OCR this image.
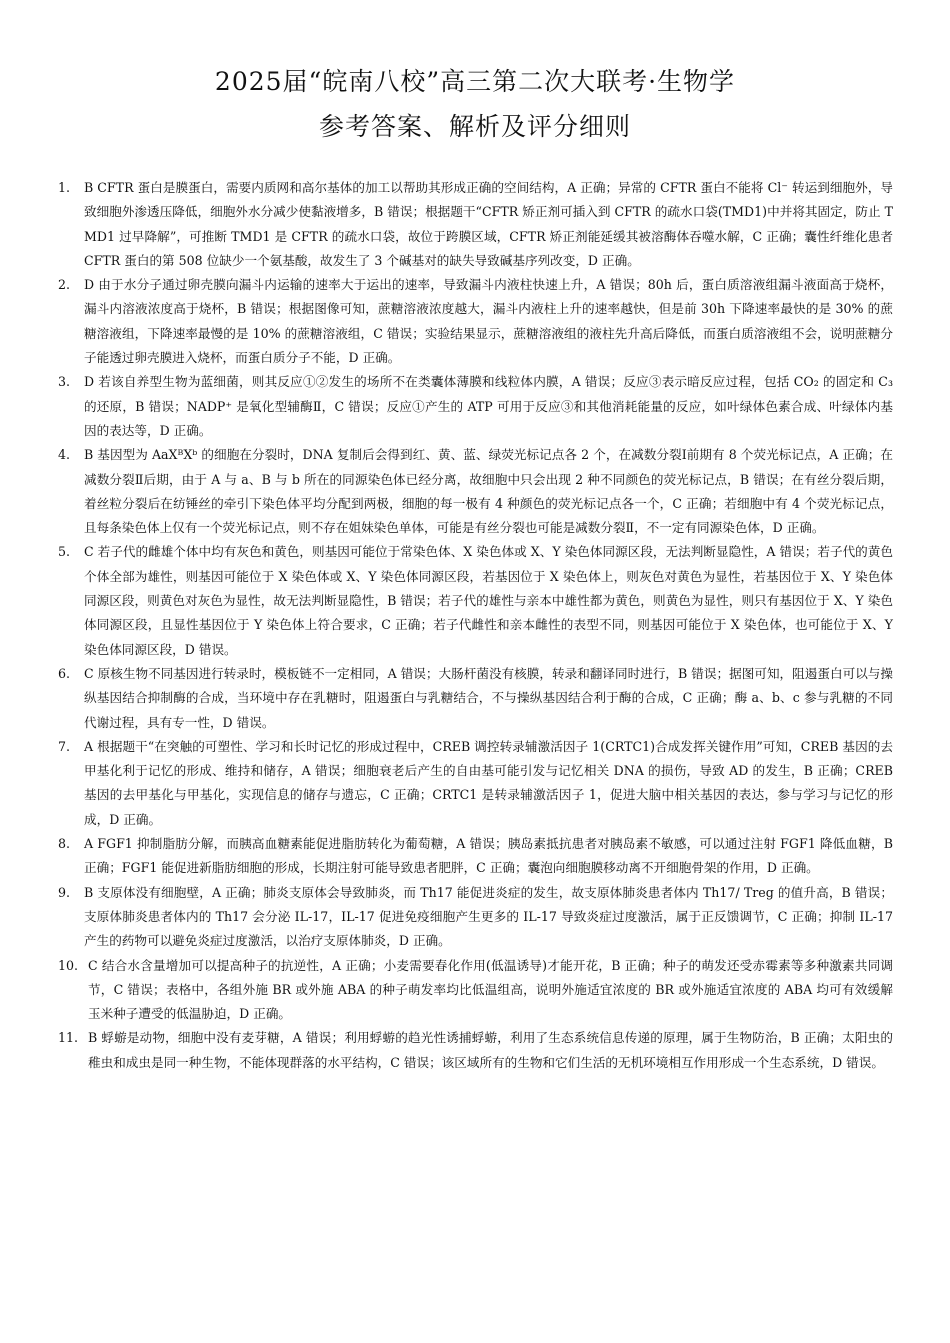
2025届“皖南八校”高三第二次大联考·生物学
参考答案、解析及评分细则
1.	B CFTR 蛋白是膜蛋白，需要内质网和高尔基体的加工以帮助其形成正确的空间结构，A 正确；异常的 CFTR 蛋白不能将 Cl⁻ 转运到细胞外，导致细胞外渗透压降低，细胞外水分减少使黏液增多，B 错误；根据题干“CFTR 矫正剂可插入到 CFTR 的疏水口袋(TMD1)中并将其固定，防止 TMD1 过早降解”，可推断 TMD1 是 CFTR 的疏水口袋，故位于跨膜区域，CFTR 矫正剂能延缓其被溶酶体吞噬水解，C 正确；囊性纤维化患者 CFTR 蛋白的第 508 位缺少一个氨基酸，故发生了 3 个碱基对的缺失导致碱基序列改变，D 正确。
2.	D 由于水分子通过卵壳膜向漏斗内运输的速率大于运出的速率，导致漏斗内液柱快速上升，A 错误；80h 后，蛋白质溶液组漏斗液面高于烧杯，漏斗内溶液浓度高于烧杯，B 错误；根据图像可知，蔗糖溶液浓度越大，漏斗内液柱上升的速率越快，但是前 30h 下降速率最快的是 30% 的蔗糖溶液组，下降速率最慢的是 10% 的蔗糖溶液组，C 错误；实验结果显示，蔗糖溶液组的液柱先升高后降低，而蛋白质溶液组不会，说明蔗糖分子能透过卵壳膜进入烧杯，而蛋白质分子不能，D 正确。
3.	D 若该自养型生物为蓝细菌，则其反应①②发生的场所不在类囊体薄膜和线粒体内膜，A 错误；反应③表示暗反应过程，包括 CO₂ 的固定和 C₃ 的还原，B 错误；NADP⁺ 是氧化型辅酶Ⅱ，C 错误；反应①产生的 ATP 可用于反应③和其他消耗能量的反应，如叶绿体色素合成、叶绿体内基因的表达等，D 正确。
4.	B 基因型为 AaXᴮXᵇ 的细胞在分裂时，DNA 复制后会得到红、黄、蓝、绿荧光标记点各 2 个，在减数分裂Ⅰ前期有 8 个荧光标记点，A 正确；在减数分裂Ⅱ后期，由于 A 与 a、B 与 b 所在的同源染色体已经分离，故细胞中只会出现 2 种不同颜色的荧光标记点，B 错误；在有丝分裂后期，着丝粒分裂后在纺锤丝的牵引下染色体平均分配到两极，细胞的每一极有 4 种颜色的荧光标记点各一个，C 正确；若细胞中有 4 个荧光标记点，且每条染色体上仅有一个荧光标记点，则不存在姐妹染色单体，可能是有丝分裂也可能是减数分裂Ⅱ，不一定有同源染色体，D 正确。
5.	C 若子代的雌雄个体中均有灰色和黄色，则基因可能位于常染色体、X 染色体或 X、Y 染色体同源区段，无法判断显隐性，A 错误；若子代的黄色个体全部为雄性，则基因可能位于 X 染色体或 X、Y 染色体同源区段，若基因位于 X 染色体上，则灰色对黄色为显性，若基因位于 X、Y 染色体同源区段，则黄色对灰色为显性，故无法判断显隐性，B 错误；若子代的雄性与亲本中雄性都为黄色，则黄色为显性，则只有基因位于 X、Y 染色体同源区段，且显性基因位于 Y 染色体上符合要求，C 正确；若子代雌性和亲本雌性的表型不同，则基因可能位于 X 染色体，也可能位于 X、Y 染色体同源区段，D 错误。
6.	C 原核生物不同基因进行转录时，模板链不一定相同，A 错误；大肠杆菌没有核膜，转录和翻译同时进行，B 错误；据图可知，阻遏蛋白可以与操纵基因结合抑制酶的合成，当环境中存在乳糖时，阻遏蛋白与乳糖结合，不与操纵基因结合利于酶的合成，C 正确；酶 a、b、c 参与乳糖的不同代谢过程，具有专一性，D 错误。
7.	A 根据题干“在突触的可塑性、学习和长时记忆的形成过程中，CREB 调控转录辅激活因子 1(CRTC1)合成发挥关键作用”可知，CREB 基因的去甲基化利于记忆的形成、维持和储存，A 错误；细胞衰老后产生的自由基可能引发与记忆相关 DNA 的损伤，导致 AD 的发生，B 正确；CREB 基因的去甲基化与甲基化，实现信息的储存与遗忘，C 正确；CRTC1 是转录辅激活因子 1，促进大脑中相关基因的表达，参与学习与记忆的形成，D 正确。
8.	A FGF1 抑制脂肪分解，而胰高血糖素能促进脂肪转化为葡萄糖，A 错误；胰岛素抵抗患者对胰岛素不敏感，可以通过注射 FGF1 降低血糖，B 正确；FGF1 能促进新脂肪细胞的形成，长期注射可能导致患者肥胖，C 正确；囊泡向细胞膜移动离不开细胞骨架的作用，D 正确。
9.	B 支原体没有细胞壁，A 正确；肺炎支原体会导致肺炎，而 Th17 能促进炎症的发生，故支原体肺炎患者体内 Th17/ Treg 的值升高，B 错误；支原体肺炎患者体内的 Th17 会分泌 IL-17，IL-17 促进免疫细胞产生更多的 IL-17 导致炎症过度激活，属于正反馈调节，C 正确；抑制 IL-17 产生的药物可以避免炎症过度激活，以治疗支原体肺炎，D 正确。
10. C 结合水含量增加可以提高种子的抗逆性，A 正确；小麦需要春化作用(低温诱导)才能开花，B 正确；种子的萌发还受赤霉素等多种激素共同调节，C 错误；表格中，各组外施 BR 或外施 ABA 的种子萌发率均比低温组高，说明外施适宜浓度的 BR 或外施适宜浓度的 ABA 均可有效缓解玉米种子遭受的低温胁迫，D 正确。
11. B 蜉蝣是动物，细胞中没有麦芽糖，A 错误；利用蜉蝣的趋光性诱捕蜉蝣，利用了生态系统信息传递的原理，属于生物防治，B 正确；太阳虫的稚虫和成虫是同一种生物，不能体现群落的水平结构，C 错误；该区域所有的生物和它们生活的无机环境相互作用形成一个生态系统，D 错误。
